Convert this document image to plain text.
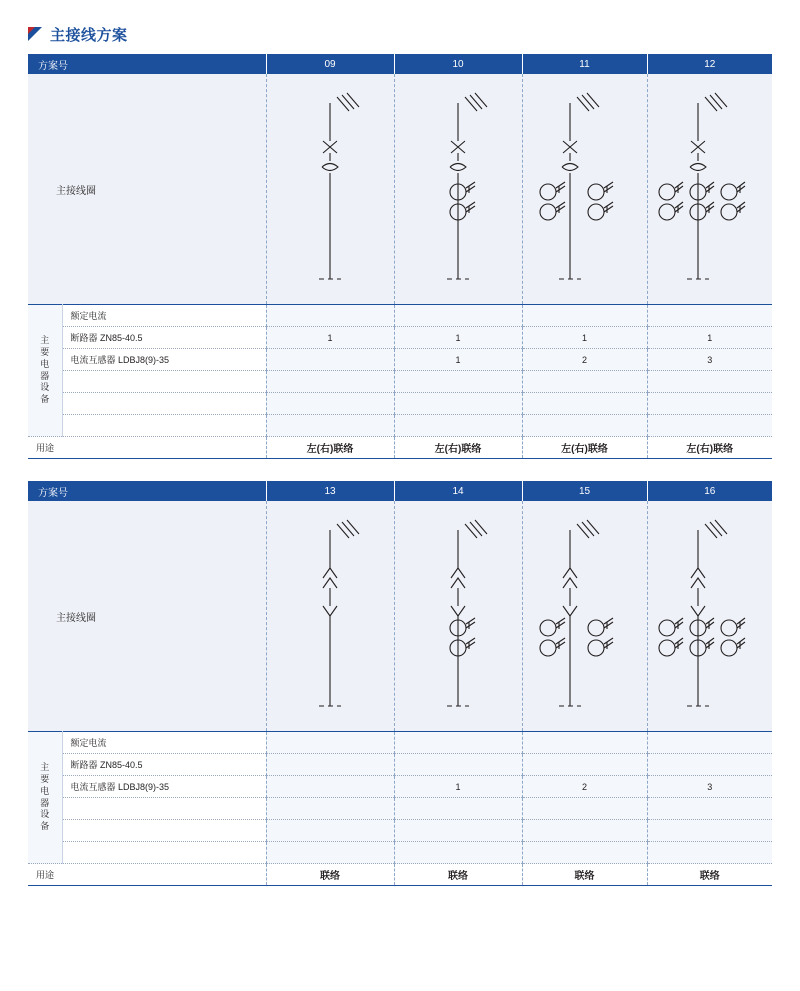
主接线方案
方案号		09	10	11	12
主接线圈	

主
要
电
器
设
备
	额定电流				
	断路器 ZN85-40.5	1	1	1	1
	电流互感器 LDBJ8(9)-35		1	2	3

用途		左(右)联络	左(右)联络	左(右)联络	左(右)联络
方案号		13	14	15	16
主接线圈	

主
要
电
器
设
备
	额定电流				
	断路器 ZN85-40.5				
	电流互感器 LDBJ8(9)-35		1	2	3

用途		联络	联络	联络	联络
